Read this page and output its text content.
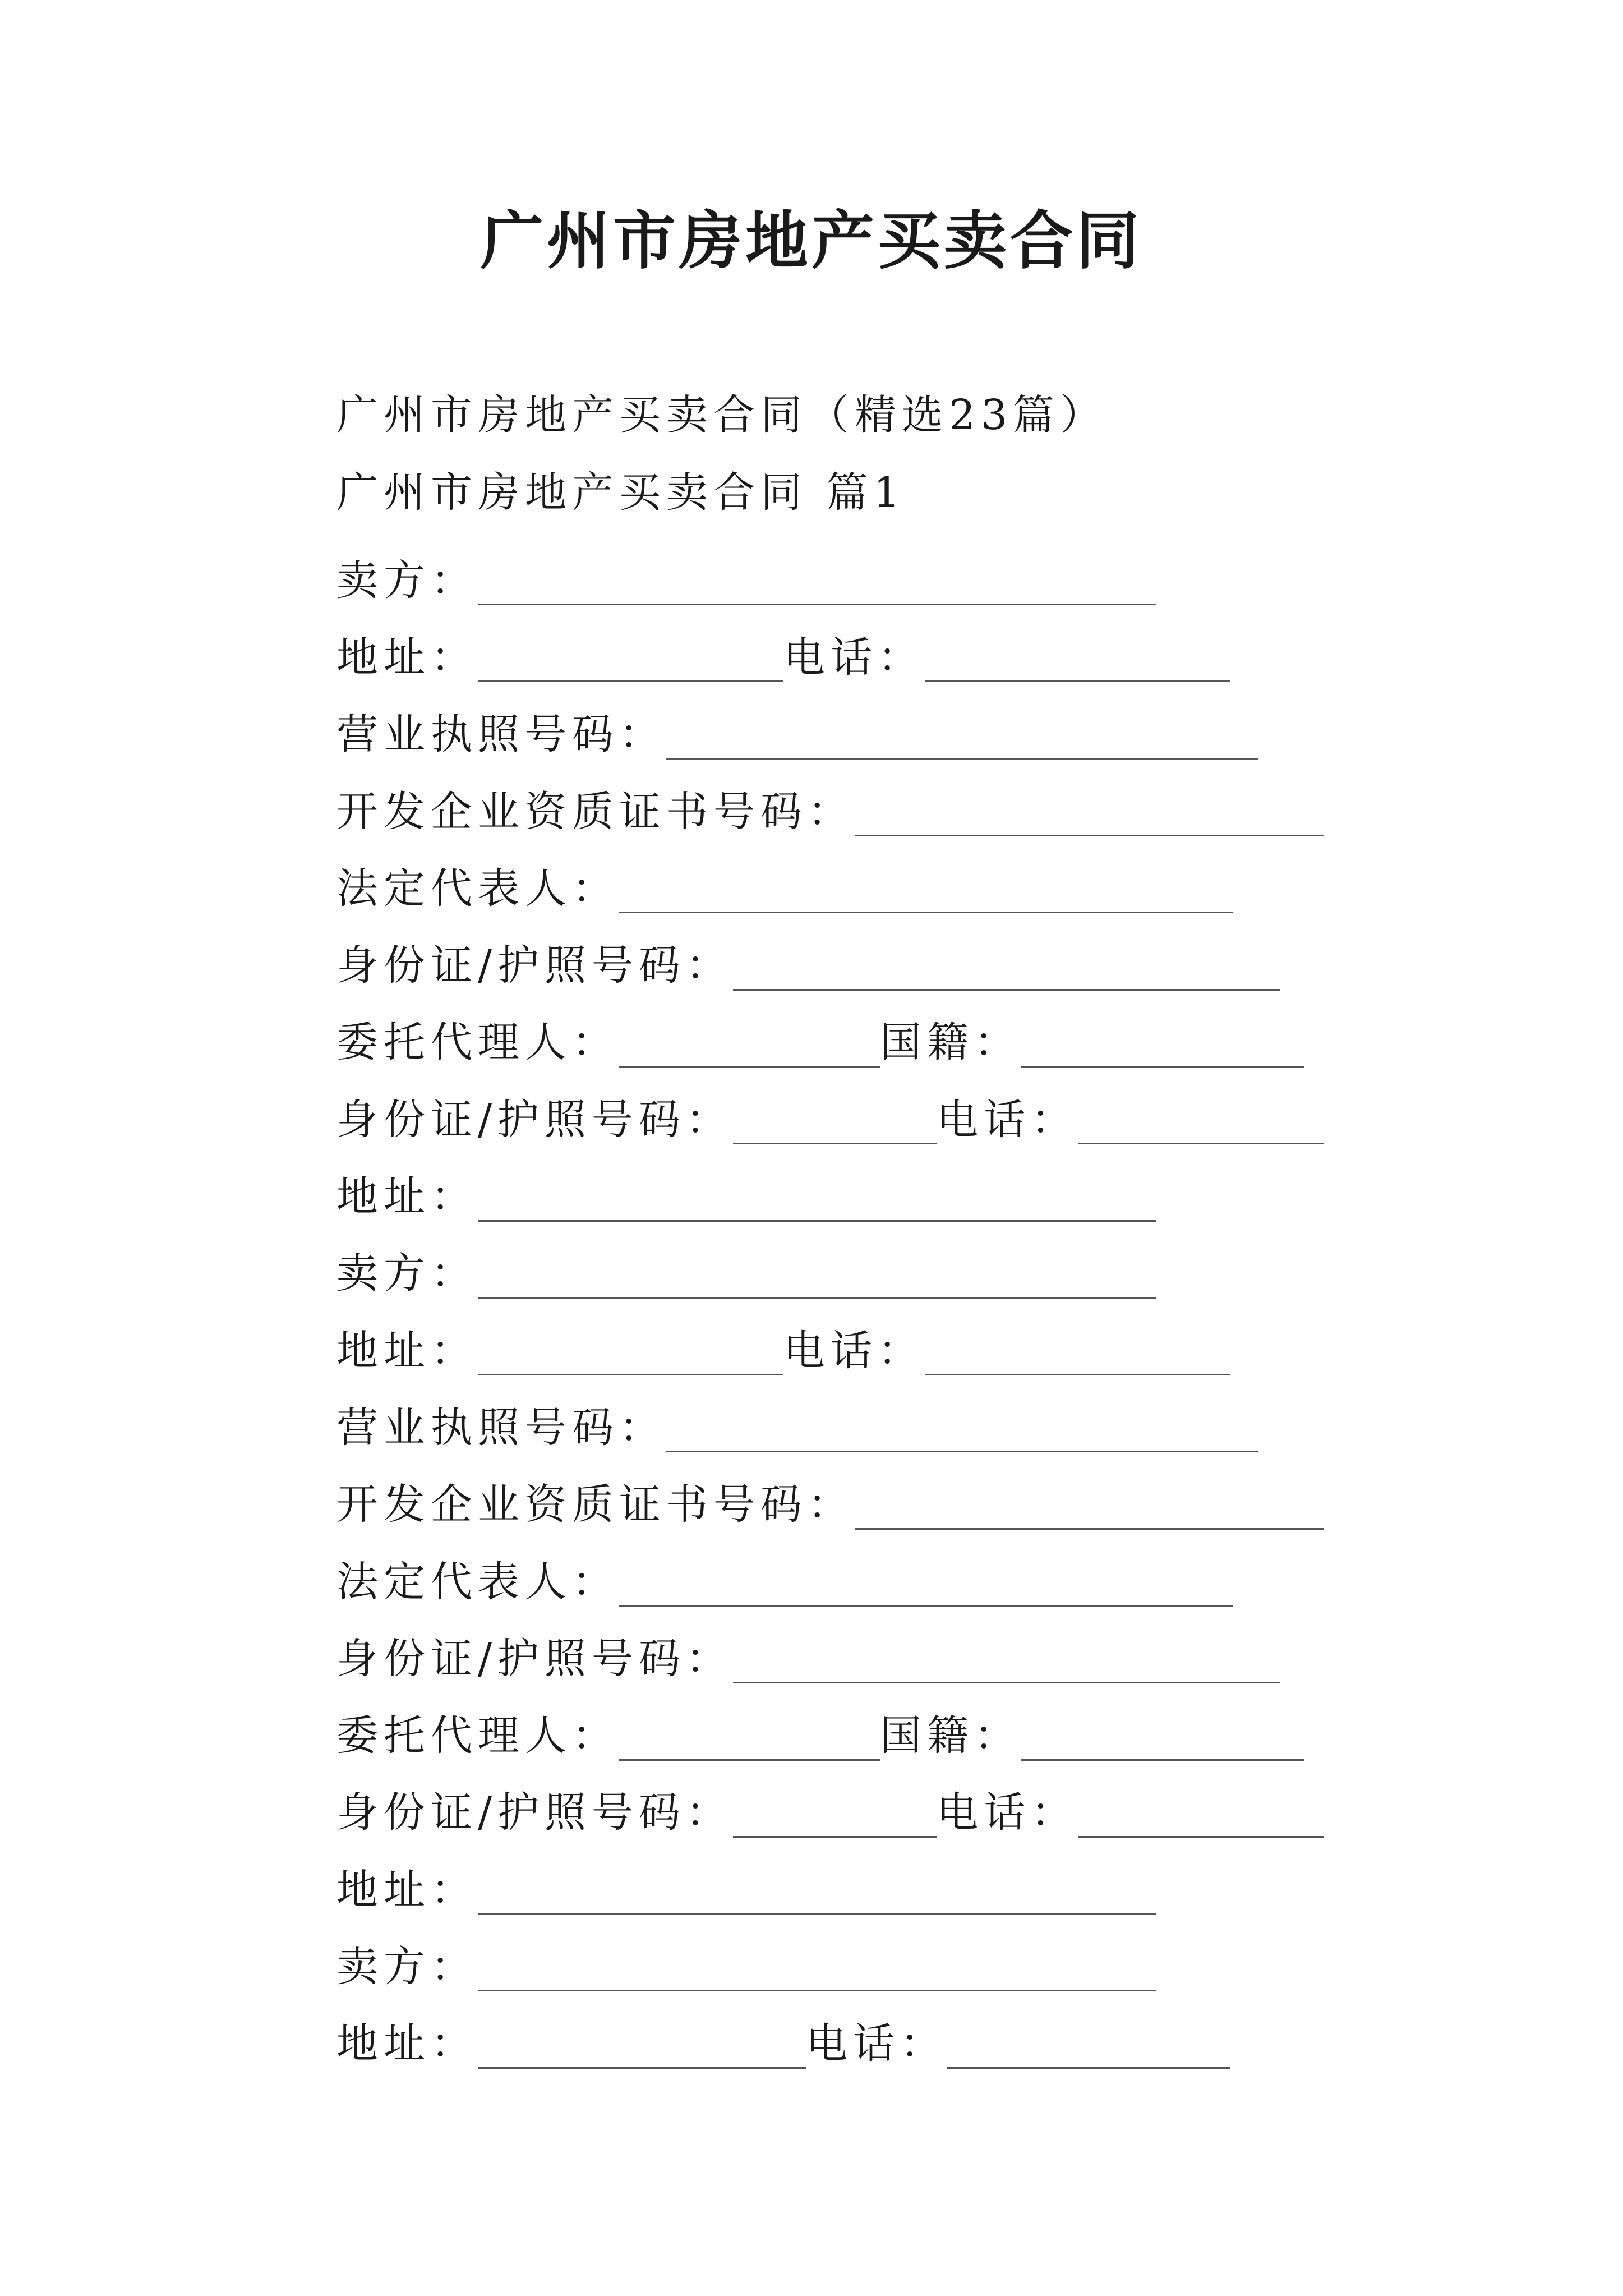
广州市房地产买卖合同
广州市房地产买卖合同（精选23篇）
广州市房地产买卖合同 篇1
卖方：
地址：	电话：
营业执照号码：
开发企业资质证书号码：
法定代表人：
身份证/护照号码：
委托代理人：	国籍：
身份证/护照号码：	电话：
地址：
卖方：
地址：	电话：
营业执照号码：
开发企业资质证书号码：
法定代表人：
身份证/护照号码：
委托代理人：	国籍：
身份证/护照号码：	电话：
地址：
卖方：
地址：	电话：
